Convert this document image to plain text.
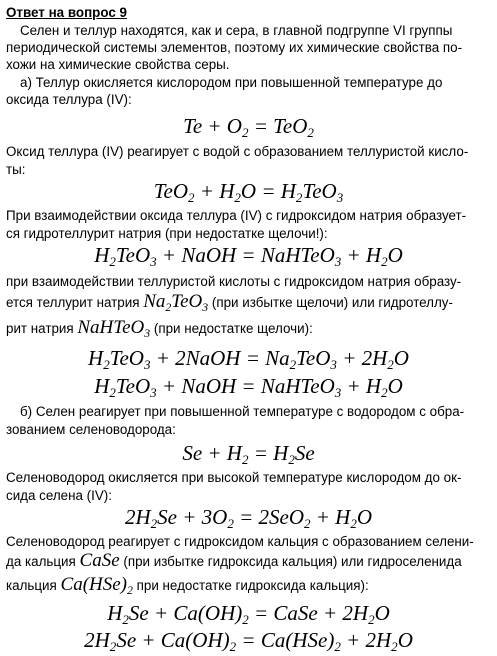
Ответ на вопрос 9
Селен и теллур находятся, как и сера, в главной подгруппе VI группы
периодической системы элементов, поэтому их химические свойства по-
хожи на химические свойства серы.
а) Теллур окисляется кислородом при повышенной температуре до
оксида теллура (IV):
$Te + O_2 = TeO_2$
Оксид теллура (IV) реагирует с водой с образованием теллуристой кисло-
ты:
$TeO_2 + H_2O = H_2TeO_3$
При взаимодействии оксида теллура (IV) с гидроксидом натрия образует-
ся гидротеллурит натрия (при недостатке щелочи!):
$H_2TeO_3$ + NaOH = NaHTeO$_3$ + $H_2O$
при взаимодействии теллуристой кислоты с гидроксидом натрия образу-
ется теллурит натрия $Na_2TeO_3$ (при избытке щелочи) или гидротеллу-
рит натрия NaHTeO$_3$ (при недостатке щелочи):
$H_2TeO_3$ + 2NaOH = $Na_2TeO_3 + 2H_2O$
$H_2TeO_3$ + NaOH = NaHTeO$_3$ + $H_2O$
б) Селен реагирует при повышенной температуре с водородом с обра-
зованием селеноводорода:
$Se + H_2 = H_2Se$
Селеноводород окисляется при высокой температуре кислородом до ок-
сида селена (IV):
$2H_2Se + 3O_2 = 2SeO_2 + H_2O$
Селеноводород реагирует с гидроксидом кальция с образованием селени-
да кальция CaSe (при избытке гидроксида кальция) или гидроселенида
кальция $Ca(HSe)_2$ при недостатке гидроксида кальция):
$H_2Se + Ca(OH)_2$ = CaSe + $2H_2O$
$2H_2Se + Ca(OH)_2 = Ca(HSe)_2 + 2H_2O$
